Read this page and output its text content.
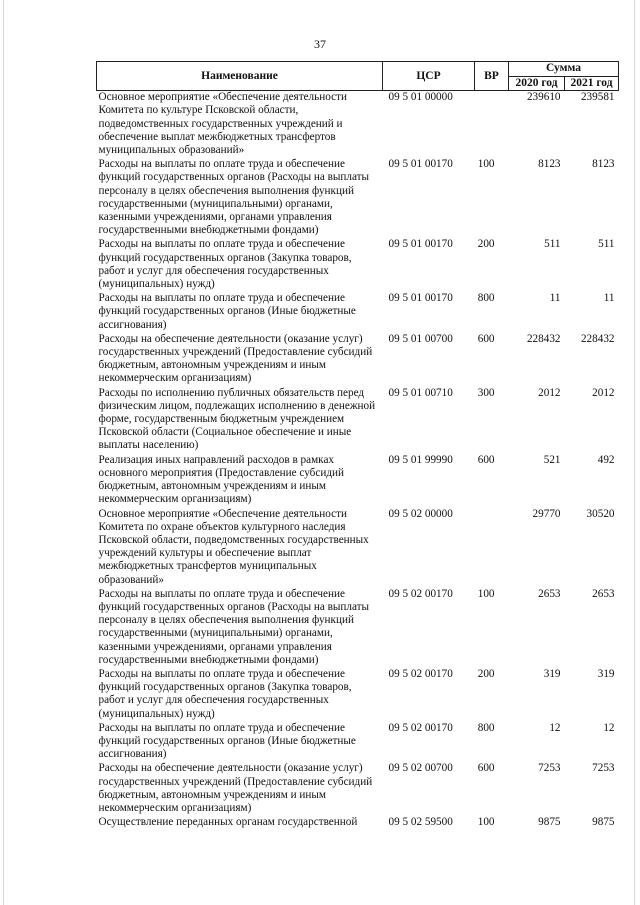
37
Наименование	ЦСР	ВР	Сумма	
			2020 год	2021 год
Основное мероприятие «Обеспечение деятельности Комитета по культуре Псковской области, подведомственных государственных учреждений и обеспечение выплат межбюджетных трансфертов муниципальных образований»	09 5 01 00000		239610	239581
Расходы на выплаты по оплате труда и обеспечение функций государственных органов (Расходы на выплаты персоналу в целях обеспечения выполнения функций государственными (муниципальными) органами, казенными учреждениями, органами управления государственными внебюджетными фондами)	09 5 01 00170	100	8123	8123
Расходы на выплаты по оплате труда и обеспечение функций государственных органов (Закупка товаров, работ и услуг для обеспечения государственных (муниципальных) нужд)	09 5 01 00170	200	511	511
Расходы на выплаты по оплате труда и обеспечение функций государственных органов (Иные бюджетные ассигнования)	09 5 01 00170	800	11	11
Расходы на обеспечение деятельности (оказание услуг) государственных учреждений (Предоставление субсидий бюджетным, автономным учреждениям и иным некоммерческим организациям)	09 5 01 00700	600	228432	228432
Расходы по исполнению публичных обязательств перед физическим лицом, подлежащих исполнению в денежной форме, государственным бюджетным учреждением Псковской области (Социальное обеспечение и иные выплаты населению)	09 5 01 00710	300	2012	2012
Реализация иных направлений расходов в рамках основного мероприятия (Предоставление субсидий бюджетным, автономным учреждениям и иным некоммерческим организациям)	09 5 01 99990	600	521	492
Основное мероприятие «Обеспечение деятельности Комитета по охране объектов культурного наследия Псковской области, подведомственных государственных учреждений культуры и обеспечение выплат межбюджетных трансфертов муниципальных образований»	09 5 02 00000		29770	30520
Расходы на выплаты по оплате труда и обеспечение функций государственных органов (Расходы на выплаты персоналу в целях обеспечения выполнения функций государственными (муниципальными) органами, казенными учреждениями, органами управления государственными внебюджетными фондами)	09 5 02 00170	100	2653	2653
Расходы на выплаты по оплате труда и обеспечение функций государственных органов (Закупка товаров, работ и услуг для обеспечения государственных (муниципальных) нужд)	09 5 02 00170	200	319	319
Расходы на выплаты по оплате труда и обеспечение функций государственных органов (Иные бюджетные ассигнования)	09 5 02 00170	800	12	12
Расходы на обеспечение деятельности (оказание услуг) государственных учреждений (Предоставление субсидий бюджетным, автономным учреждениям и иным некоммерческим организациям)	09 5 02 00700	600	7253	7253
Осуществление переданных органам государственной	09 5 02 59500	100	9875	9875
